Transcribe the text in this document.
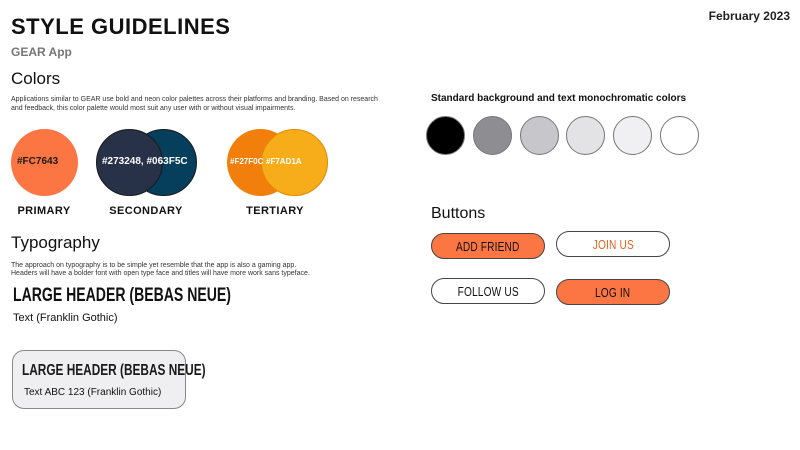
STYLE GUIDELINES
GEAR App
February 2023
Colors
Applications similar to GEAR use bold and neon color palettes across their platforms and branding. Based on research and feedback, this color palette would most suit any user with or without visual impairments.
#FC7643
PRIMARY
#273248, #063F5C
SECONDARY
#F27F0C #F7AD1A
TERTIARY
Standard background and text monochromatic colors
Typography
The approach on typography is to be simple yet resemble that the app is also a gaming app.
Headers will have a bolder font with open type face and titles will have more work sans typeface.
LARGE HEADER (BEBAS NEUE)
Text (Franklin Gothic)
LARGE HEADER (BEBAS NEUE)
Text ABC 123 (Franklin Gothic)
Buttons
ADD FRIEND	JOIN US
FOLLOW US	LOG IN
